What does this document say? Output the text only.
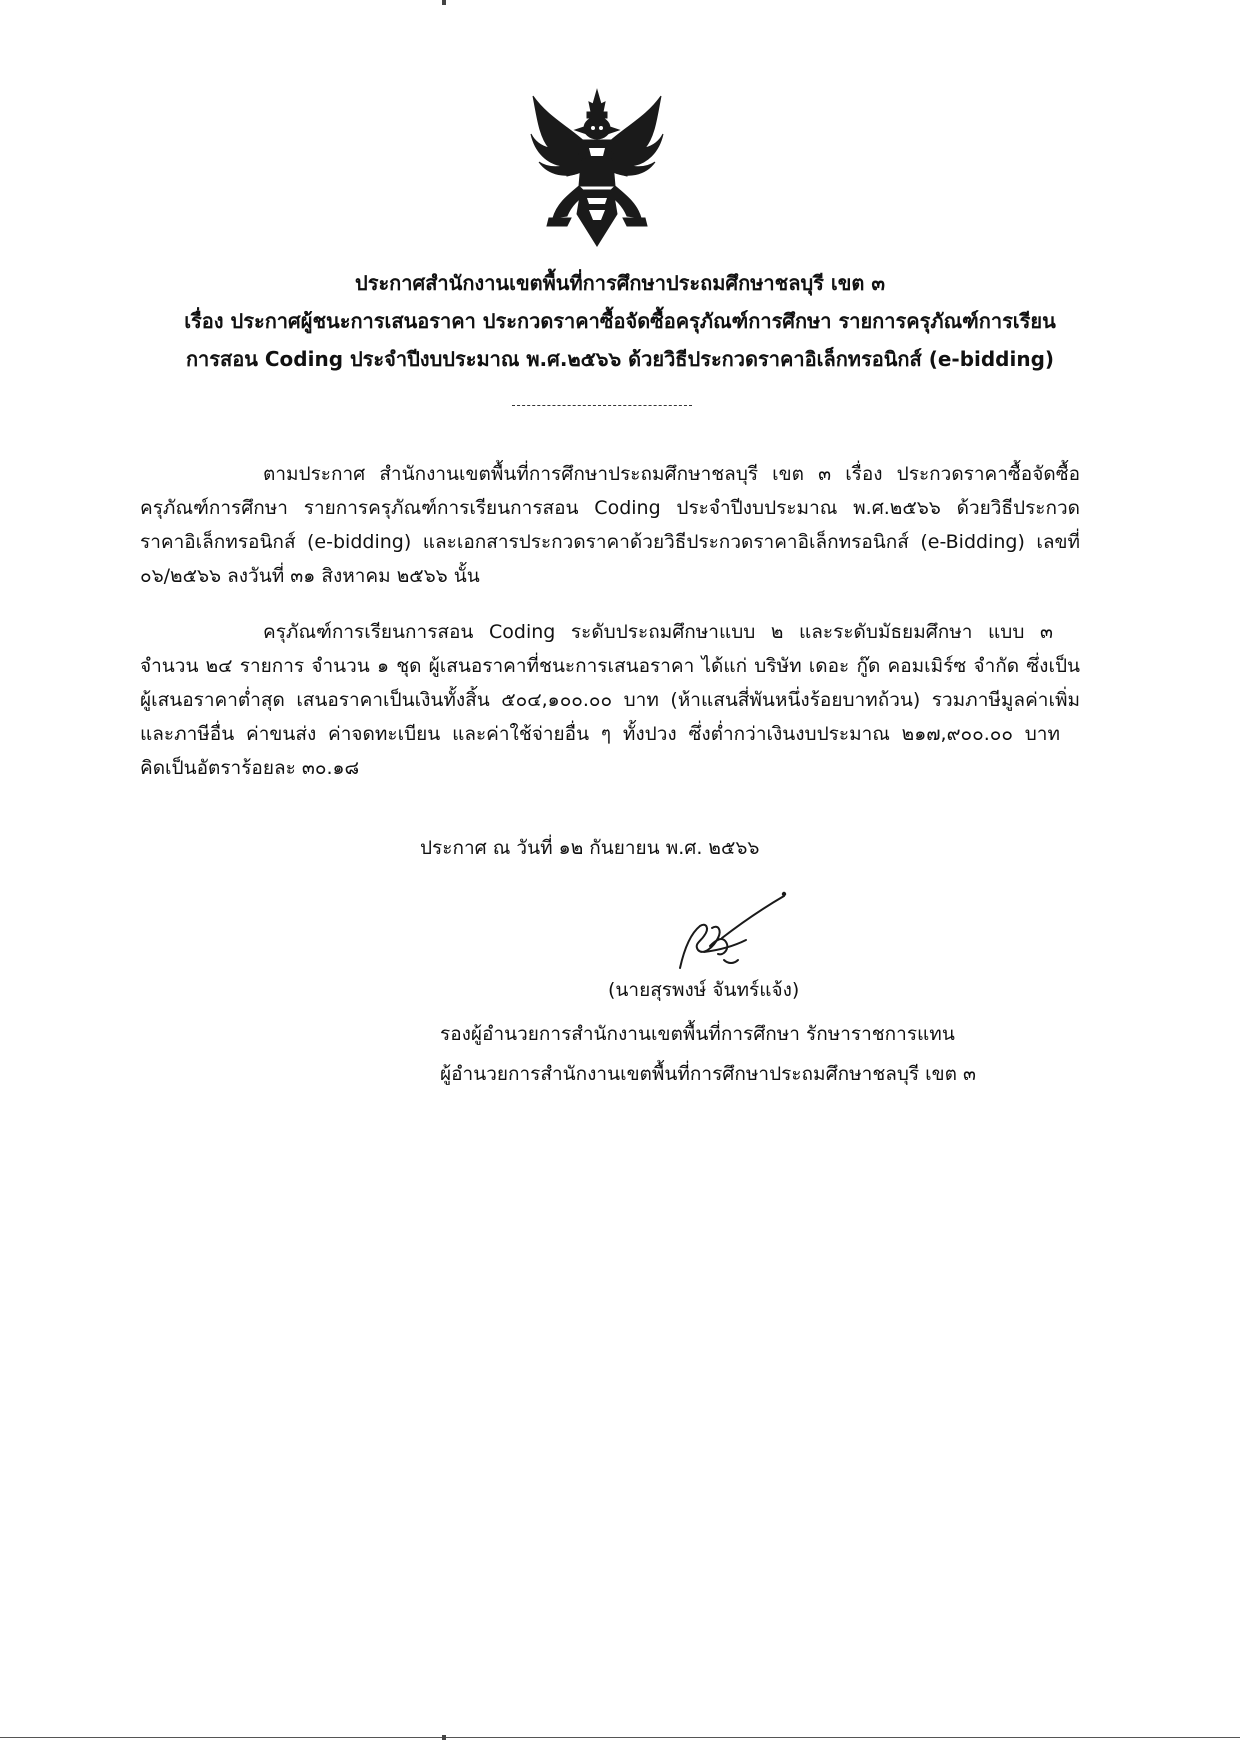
ประกาศสำนักงานเขตพื้นที่การศึกษาประถมศึกษาชลบุรี เขต ๓
เรื่อง ประกาศผู้ชนะการเสนอราคา ประกวดราคาซื้อจัดซื้อครุภัณฑ์การศึกษา รายการครุภัณฑ์การเรียน
การสอน Coding ประจำปีงบประมาณ พ.ศ.๒๕๖๖ ด้วยวิธีประกวดราคาอิเล็กทรอนิกส์ (e-bidding)
ตามประกาศ สำนักงานเขตพื้นที่การศึกษาประถมศึกษาชลบุรี เขต ๓ เรื่อง ประกวดราคาซื้อจัดซื้อ
ครุภัณฑ์การศึกษา รายการครุภัณฑ์การเรียนการสอน Coding ประจำปีงบประมาณ พ.ศ.๒๕๖๖ ด้วยวิธีประกวด
ราคาอิเล็กทรอนิกส์ (e-bidding) และเอกสารประกวดราคาด้วยวิธีประกวดราคาอิเล็กทรอนิกส์ (e-Bidding) เลขที่
๐๖/๒๕๖๖ ลงวันที่ ๓๑ สิงหาคม ๒๕๖๖ นั้น
ครุภัณฑ์การเรียนการสอน Coding ระดับประถมศึกษาแบบ ๒ และระดับมัธยมศึกษา แบบ ๓
จำนวน ๒๔ รายการ จำนวน ๑ ชุด ผู้เสนอราคาที่ชนะการเสนอราคา ได้แก่ บริษัท เดอะ กู๊ด คอมเมิร์ซ จำกัด ซึ่งเป็น
ผู้เสนอราคาต่ำสุด เสนอราคาเป็นเงินทั้งสิ้น ๕๐๔,๑๐๐.๐๐ บาท (ห้าแสนสี่พันหนึ่งร้อยบาทถ้วน) รวมภาษีมูลค่าเพิ่ม
และภาษีอื่น ค่าขนส่ง ค่าจดทะเบียน และค่าใช้จ่ายอื่น ๆ ทั้งปวง ซึ่งต่ำกว่าเงินงบประมาณ ๒๑๗,๙๐๐.๐๐ บาท
คิดเป็นอัตราร้อยละ ๓๐.๑๘
ประกาศ ณ วันที่ ๑๒ กันยายน พ.ศ. ๒๕๖๖
(นายสุรพงษ์ จันทร์แจ้ง)
รองผู้อำนวยการสำนักงานเขตพื้นที่การศึกษา รักษาราชการแทน
ผู้อำนวยการสำนักงานเขตพื้นที่การศึกษาประถมศึกษาชลบุรี เขต ๓
